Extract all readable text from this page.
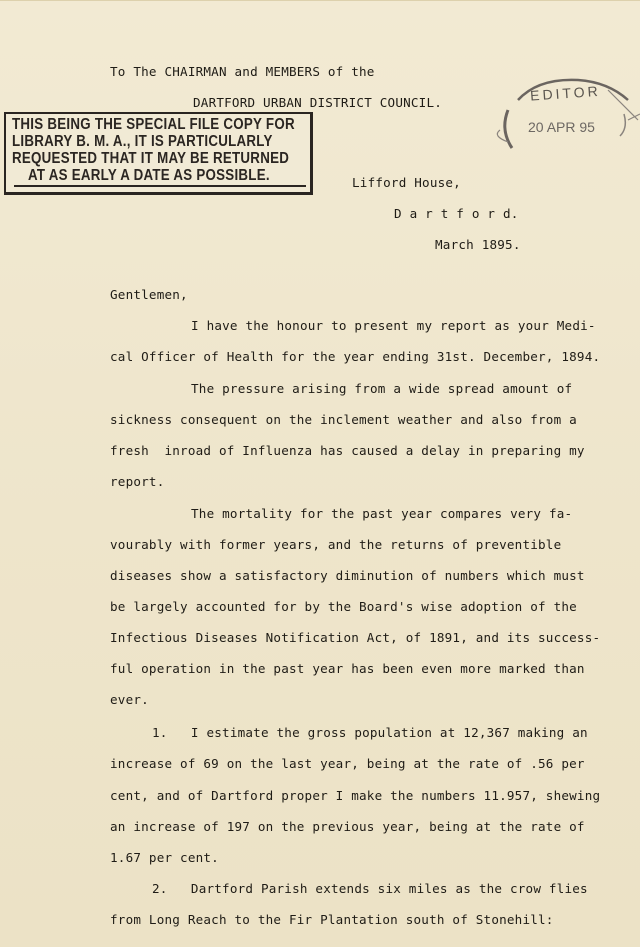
To The CHAIRMAN and MEMBERS of the
DARTFORD URBAN DISTRICT COUNCIL.
THIS BEING THE SPECIAL FILE COPY FOR
LIBRARY B. M. A., IT IS PARTICULARLY
REQUESTED THAT IT MAY BE RETURNED
AT AS EARLY A DATE AS POSSIBLE.
EDITOR
20 APR 95
Lifford House,
D a r t f o r d.
March 1895.
Gentlemen,
I have the honour to present my report as your Medi-
cal Officer of Health for the year ending 31st. December, 1894.
The pressure arising from a wide spread amount of
sickness consequent on the inclement weather and also from a
fresh  inroad of Influenza has caused a delay in preparing my
report.
The mortality for the past year compares very fa-
vourably with former years, and the returns of preventible
diseases show a satisfactory diminution of numbers which must
be largely accounted for by the Board's wise adoption of the
Infectious Diseases Notification Act, of 1891, and its success-
ful operation in the past year has been even more marked than
ever.
1.   I estimate the gross population at 12,367 making an
increase of 69 on the last year, being at the rate of .56 per
cent, and of Dartford proper I make the numbers 11.957, shewing
an increase of 197 on the previous year, being at the rate of
1.67 per cent.
2.   Dartford Parish extends six miles as the crow flies
from Long Reach to the Fir Plantation south of Stonehill:
